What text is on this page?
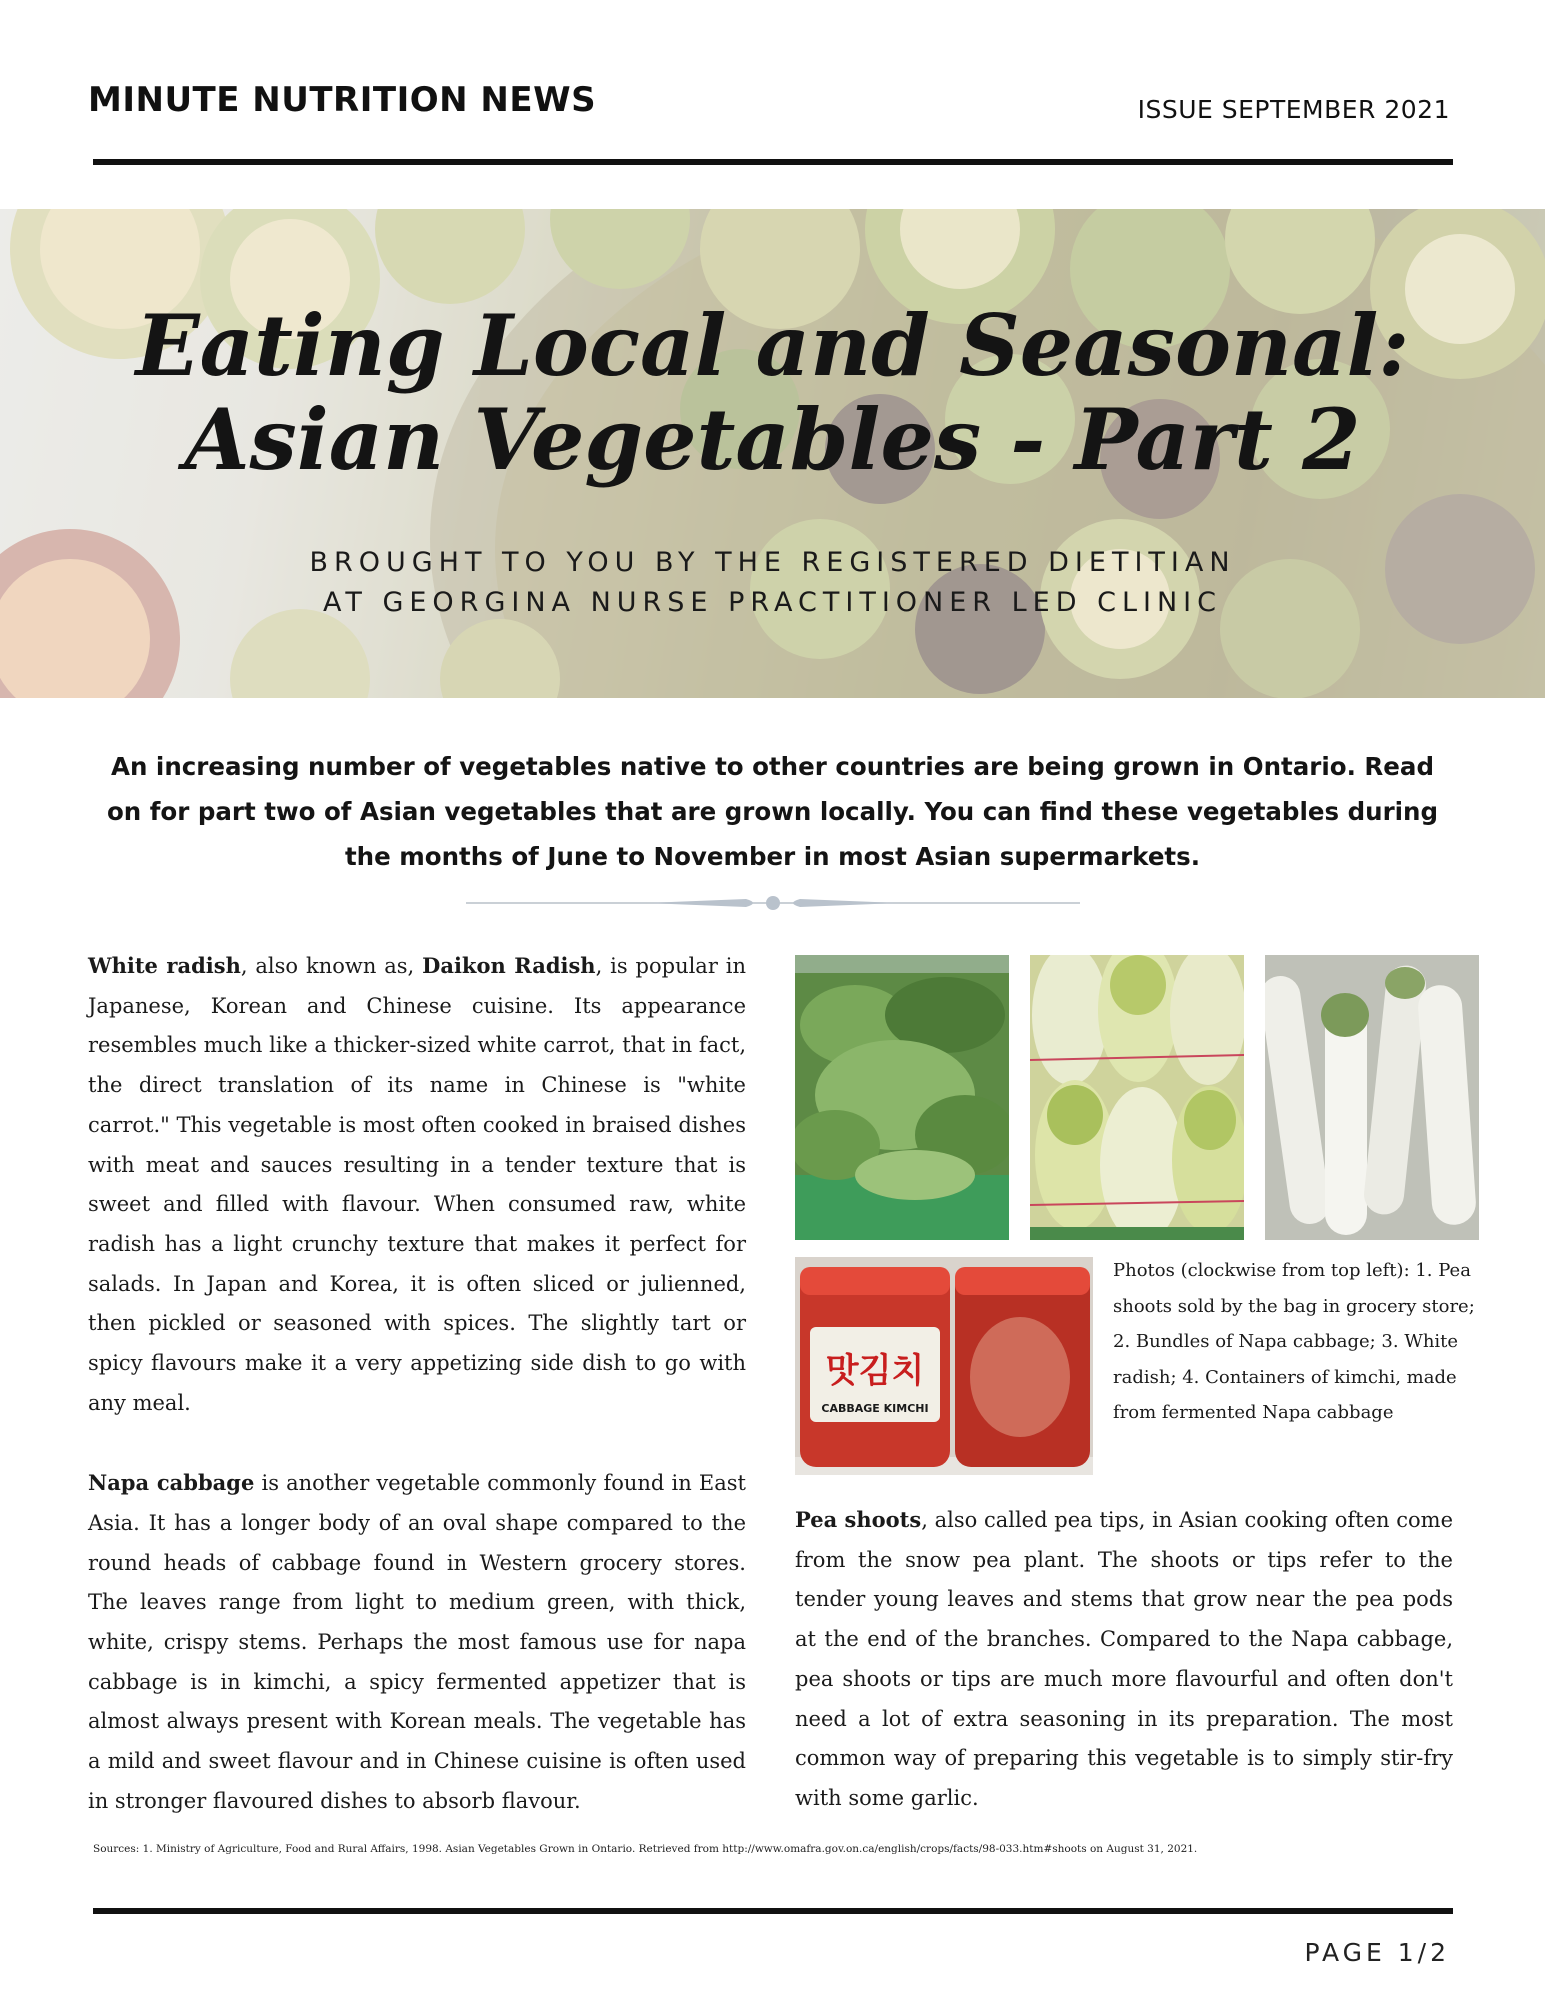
MINUTE NUTRITION NEWS	ISSUE SEPTEMBER 2021
Eating Local and Seasonal:
Asian Vegetables - Part 2
BROUGHT TO YOU BY THE REGISTERED DIETITIAN
AT GEORGINA NURSE PRACTITIONER LED CLINIC

An increasing number of vegetables native to other countries are being grown in Ontario. Read on for part two of Asian vegetables that are grown locally. You can find these vegetables during the months of June to November in most Asian supermarkets.

White radish, also known as, Daikon Radish, is popular in Japanese, Korean and Chinese cuisine. Its appearance resembles much like a thicker-sized white carrot, that in fact, the direct translation of its name in Chinese is "white carrot." This vegetable is most often cooked in braised dishes with meat and sauces resulting in a tender texture that is sweet and filled with flavour. When consumed raw, white radish has a light crunchy texture that makes it perfect for salads. In Japan and Korea, it is often sliced or julienned, then pickled or seasoned with spices. The slightly tart or spicy flavours make it a very appetizing side dish to go with any meal.

Napa cabbage is another vegetable commonly found in East Asia. It has a longer body of an oval shape compared to the round heads of cabbage found in Western grocery stores. The leaves range from light to medium green, with thick, white, crispy stems. Perhaps the most famous use for napa cabbage is in kimchi, a spicy fermented appetizer that is almost always present with Korean meals. The vegetable has a mild and sweet flavour and in Chinese cuisine is often used in stronger flavoured dishes to absorb flavour.

맛김치
CABBAGE KIMCHI
Photos (clockwise from top left): 1. Pea shoots sold by the bag in grocery store; 2. Bundles of Napa cabbage; 3. White radish; 4. Containers of kimchi, made from fermented Napa cabbage

Pea shoots, also called pea tips, in Asian cooking often come from the snow pea plant. The shoots or tips refer to the tender young leaves and stems that grow near the pea pods at the end of the branches. Compared to the Napa cabbage, pea shoots or tips are much more flavourful and often don't need a lot of extra seasoning in its preparation. The most common way of preparing this vegetable is to simply stir-fry with some garlic.

Sources: 1. Ministry of Agriculture, Food and Rural Affairs, 1998. Asian Vegetables Grown in Ontario. Retrieved from http://www.omafra.gov.on.ca/english/crops/facts/98-033.htm#shoots on August 31, 2021.
PAGE 1/2
